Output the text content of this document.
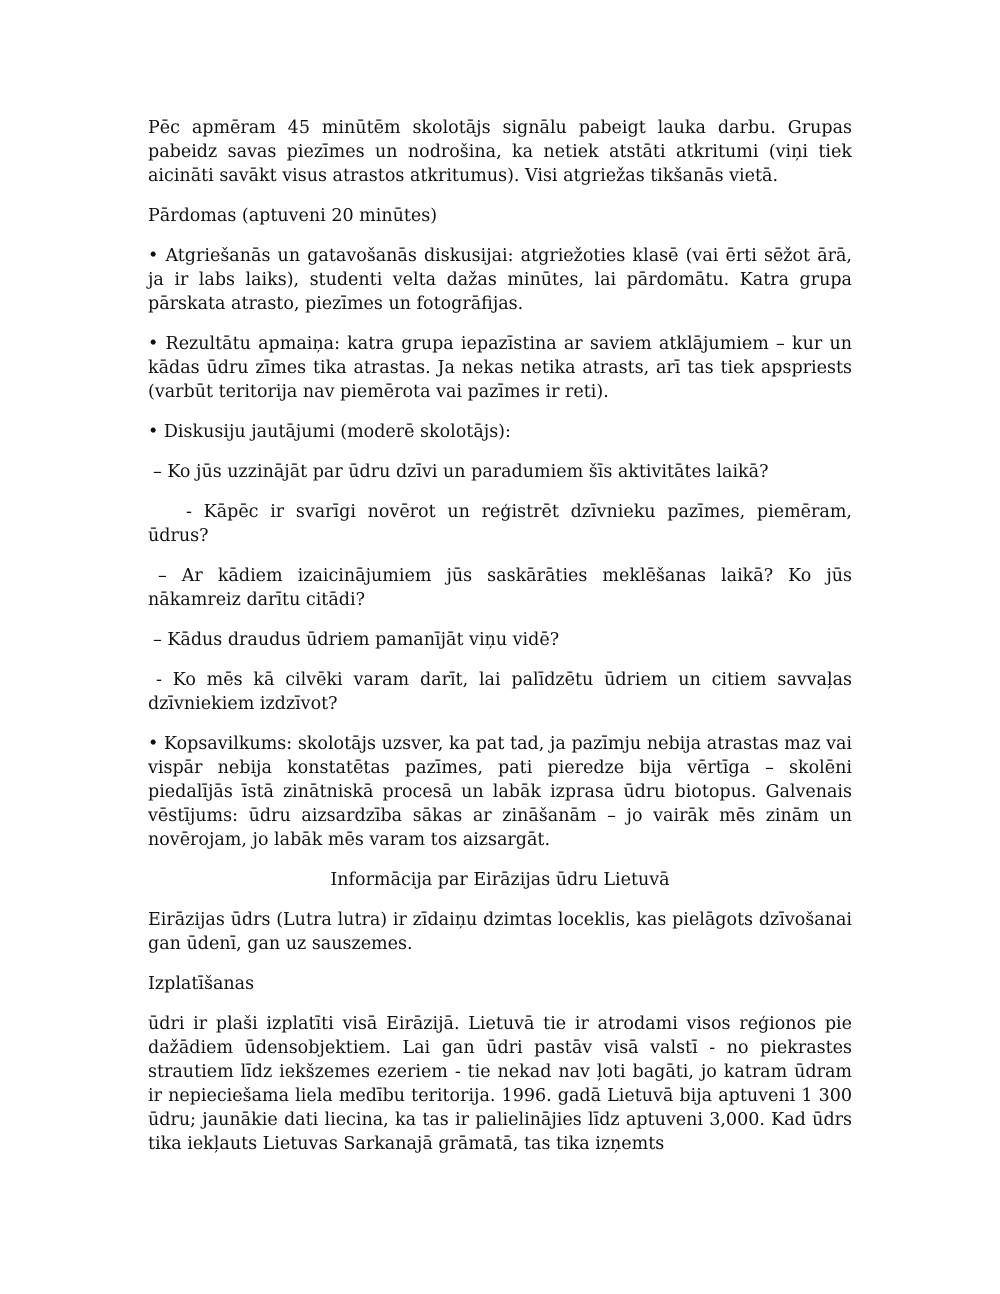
Pēc apmēram 45 minūtēm skolotājs signālu pabeigt lauka darbu. Grupas pabeidz savas piezīmes un nodrošina, ka netiek atstāti atkritumi (viņi tiek aicināti savākt visus atrastos atkritumus). Visi atgriežas tikšanās vietā.

Pārdomas (aptuveni 20 minūtes)

• Atgriešanās un gatavošanās diskusijai: atgriežoties klasē (vai ērti sēžot ārā, ja ir labs laiks), studenti velta dažas minūtes, lai pārdomātu. Katra grupa pārskata atrasto, piezīmes un fotogrāfijas.

• Rezultātu apmaiņa: katra grupa iepazīstina ar saviem atklājumiem – kur un kādas ūdru zīmes tika atrastas. Ja nekas netika atrasts, arī tas tiek apspriests (varbūt teritorija nav piemērota vai pazīmes ir reti).

• Diskusiju jautājumi (moderē skolotājs):

– Ko jūs uzzinājāt par ūdru dzīvi un paradumiem šīs aktivitātes laikā?

- Kāpēc ir svarīgi novērot un reģistrēt dzīvnieku pazīmes, piemēram, ūdrus?

– Ar kādiem izaicinājumiem jūs saskārāties meklēšanas laikā? Ko jūs nākamreiz darītu citādi?

– Kādus draudus ūdriem pamanījāt viņu vidē?

- Ko mēs kā cilvēki varam darīt, lai palīdzētu ūdriem un citiem savvaļas dzīvniekiem izdzīvot?

• Kopsavilkums: skolotājs uzsver, ka pat tad, ja pazīmju nebija atrastas maz vai vispār nebija konstatētas pazīmes, pati pieredze bija vērtīga – skolēni piedalījās īstā zinātniskā procesā un labāk izprasa ūdru biotopus. Galvenais vēstījums: ūdru aizsardzība sākas ar zināšanām – jo vairāk mēs zinām un novērojam, jo labāk mēs varam tos aizsargāt.

Informācija par Eirāzijas ūdru Lietuvā

Eirāzijas ūdrs (Lutra lutra) ir zīdaiņu dzimtas loceklis, kas pielāgots dzīvošanai gan ūdenī, gan uz sauszemes.

Izplatīšanas

ūdri ir plaši izplatīti visā Eirāzijā. Lietuvā tie ir atrodami visos reģionos pie dažādiem ūdensobjektiem. Lai gan ūdri pastāv visā valstī - no piekrastes strautiem līdz iekšzemes ezeriem - tie nekad nav ļoti bagāti, jo katram ūdram ir nepieciešama liela medību teritorija. 1996. gadā Lietuvā bija aptuveni 1 300 ūdru; jaunākie dati liecina, ka tas ir palielinājies līdz aptuveni 3,000. Kad ūdrs tika iekļauts Lietuvas Sarkanajā grāmatā, tas tika izņemts
